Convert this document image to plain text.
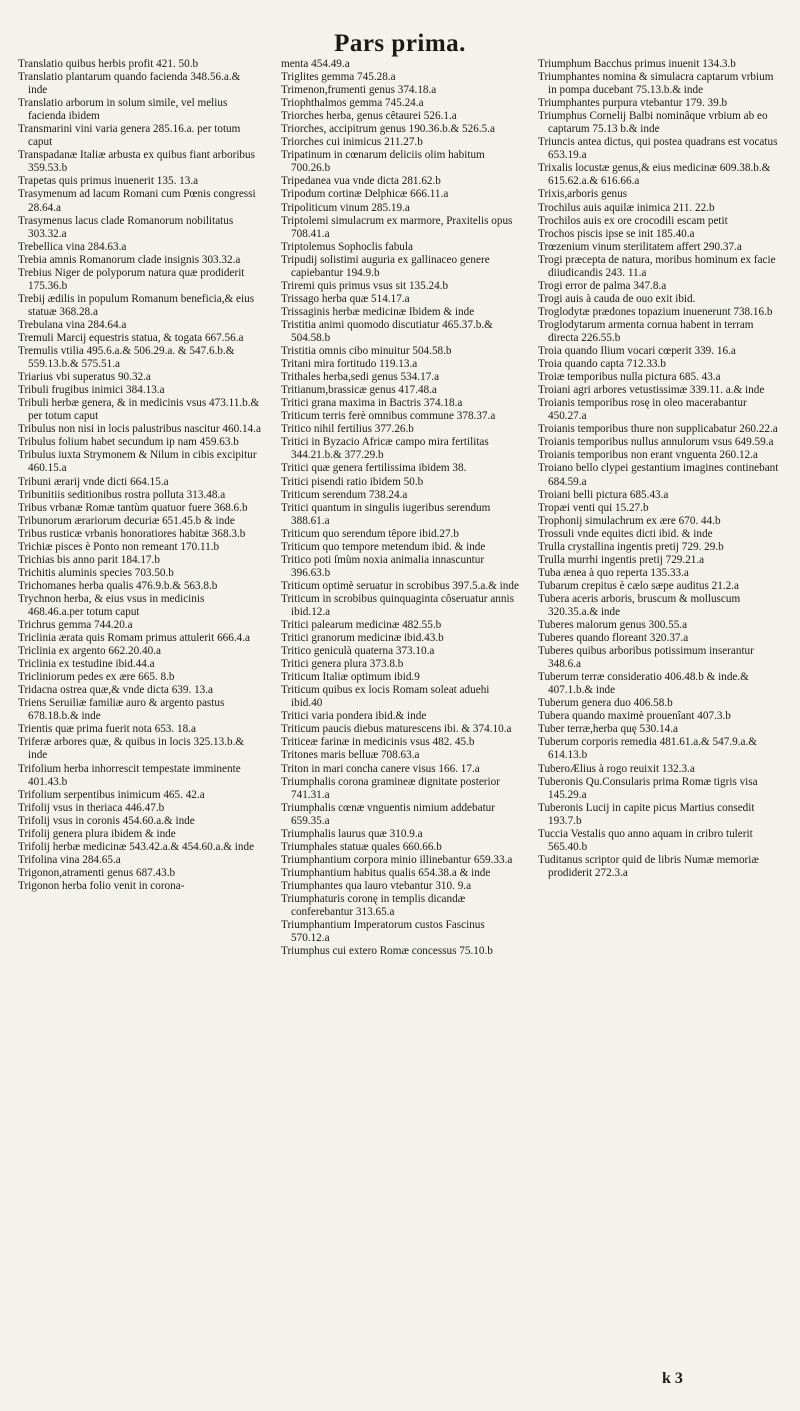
Pars prima.

Translatio quibus herbis profit 421. 50.b

Translatio plantarum quando facienda 348.56.a.& inde

Translatio arborum in solum simile, vel melius facienda ibidem

Transmarini vini varia genera 285.16.a. per totum caput

Transpadanæ Italiæ arbusta ex quibus fiant arboribus 359.53.b

Trapetas quis primus inuenerit 135. 13.a

Trasymenum ad lacum Romani cum Pœnis congressi 28.64.a

Trasymenus lacus clade Romanorum nobilitatus 303.32.a

Trebellica vina 284.63.a

Trebia amnis Romanorum clade insignis 303.32.a

Trebius Niger de polyporum natura quæ prodiderit 175.36.b

Trebij ædilis in populum Romanum beneficia,& eius statuæ 368.28.a

Trebulana vina 284.64.a

Tremuli Marcij equestris statua, & togata 667.56.a

Tremulis vtilia 495.6.a.& 506.29.a. & 547.6.b.& 559.13.b.& 575.51.a

Triarius vbi superatus 90.32.a

Tribuli frugibus inimici 384.13.a

Tribuli herbæ genera, & in medicinis vsus 473.11.b.& per totum caput

Tribulus non nisi in locis palustribus nascitur 460.14.a

Tribulus folium habet secundum ip nam 459.63.b

Tribulus iuxta Strymonem & Nilum in cibis excipitur 460.15.a

Tribuni ærarij vnde dicti 664.15.a

Tribunitiis seditionibus rostra polluta 313.48.a

Tribus vrbanæ Romæ tantùm quatuor fuere 368.6.b

Tribunorum ærariorum decuriæ 651.45.b & inde

Tribus rusticæ vrbanis honoratiores habitæ 368.3.b

Trichiæ pisces è Ponto non remeant 170.11.b

Trichias bis anno parit 184.17.b

Trichitis aluminis species 703.50.b

Trichomanes herba qualis 476.9.b.& 563.8.b

Trychnon herba, & eius vsus in medicinis 468.46.a.per totum caput

Trichrus gemma 744.20.a

Triclinia ærata quis Romam primus attulerit 666.4.a

Triclinia ex argento 662.20.40.a

Triclinia ex testudine ibid.44.a

Tricliniorum pedes ex ære 665. 8.b

Tridacna ostrea quæ,& vnde dicta 639. 13.a

Triens Seruiliæ familiæ auro & argento pastus 678.18.b.& inde

Trientis quæ prima fuerit nota 653. 18.a

Triferæ arbores quæ, & quibus in locis 325.13.b.& inde

Trifolium herba inhorrescit tempestate imminente 401.43.b

Trifolium serpentibus inimicum 465. 42.a

Trifolij vsus in theriaca 446.47.b

Trifolij vsus in coronis 454.60.a.& inde

Trifolij genera plura ibidem & inde

Trifolij herbæ medicinæ 543.42.a.& 454.60.a.& inde

Trifolina vina 284.65.a

Trigonon,atramenti genus 687.43.b

Trigonon herba folio venit in corona-

menta 454.49.a

Triglites gemma 745.28.a

Trimenon,frumenti genus 374.18.a

Triophthalmos gemma 745.24.a

Triorches herba, genus cêtaurei 526.1.a

Triorches, accipitrum genus 190.36.b.& 526.5.a

Triorches cui inimicus 211.27.b

Tripatinum in cœnarum deliciis olim habitum 700.26.b

Tripedanea vua vnde dicta 281.62.b

Tripodum cortinæ Delphicæ 666.11.a

Tripoliticum vinum 285.19.a

Triptolemi simulacrum ex marmore, Praxitelis opus 708.41.a

Triptolemus Sophoclis fabula

Tripudij solistimi auguria ex gallinaceo genere capiebantur 194.9.b

Triremi quis primus vsus sit 135.24.b

Trissago herba quæ 514.17.a

Trissaginis herbæ medicinæ Ibidem & inde

Tristitia animi quomodo discutiatur 465.37.b.& 504.58.b

Tristitia omnis cibo minuitur 504.58.b

Tritani mira fortitudo 119.13.a

Trithales herba,sedi genus 534.17.a

Tritianum,brassicæ genus 417.48.a

Tritici grana maxima in Bactris 374.18.a

Triticum terris ferè omnibus commune 378.37.a

Tritico nihil fertilius 377.26.b

Tritici in Byzacio Africæ campo mira fertilitas 344.21.b.& 377.29.b

Tritici quæ genera fertilissima ibidem 38.

Tritici pisendi ratio ibidem 50.b

Triticum serendum 738.24.a

Tritici quantum in singulis iugeribus serendum 388.61.a

Triticum quo serendum têpore ibid.27.b

Triticum quo tempore metendum ibid. & inde

Tritico poti ſmùm noxia animalia innascuntur 396.63.b

Triticum optimè seruatur in scrobibus 397.5.a.& inde

Triticum in scrobibus quinquaginta côseruatur annis ibid.12.a

Tritici palearum medicinæ 482.55.b

Tritici granorum medicinæ ibid.43.b

Tritico geniculà quaterna 373.10.a

Tritici genera plura 373.8.b

Triticum Italiæ optimum ibid.9

Triticum quibus ex locis Romam soleat aduehi ibid.40

Tritici varia pondera ibid.& inde

Triticum paucis diebus maturescens ibi. & 374.10.a

Triticeæ farinæ in medicinis vsus 482. 45.b

Tritones maris belluæ 708.63.a

Triton in mari concha canere visus 166. 17.a

Triumphalis corona gramineæ dignitate posterior 741.31.a

Triumphalis cœnæ vnguentis nimium addebatur 659.35.a

Triumphalis laurus quæ 310.9.a

Triumphales statuæ quales 660.66.b

Triumphantium corpora minio illinebantur 659.33.a

Triumphantium habitus qualis 654.38.a & inde

Triumphantes qua lauro vtebantur 310. 9.a

Triumphaturis coronę in templis dicandæ conferebantur 313.65.a

Triumphantium Imperatorum custos Fascinus 570.12.a

Triumphus cui extero Romæ concessus 75.10.b

Triumphum Bacchus primus inuenit 134.3.b

Triumphantes nomina & simulacra captarum vrbium in pompa ducebant 75.13.b.& inde

Triumphantes purpura vtebantur 179. 39.b

Triumphus Cornelij Balbi nominâque vrbium ab eo captarum 75.13 b.& inde

Triuncis antea dictus, qui postea quadrans est vocatus 653.19.a

Trixalis locustæ genus,& eius medicinæ 609.38.b.& 615.62.a.& 616.66.a

Trixis,arboris genus

Trochilus auis aquilæ inimica 211. 22.b

Trochilos auis ex ore crocodili escam petit

Trochos piscis ipse se init 185.40.a

Trœzenium vinum sterilitatem affert 290.37.a

Trogi præcepta de natura, moribus hominum ex facie diiudicandis 243. 11.a

Trogi error de palma 347.8.a

Trogi auis à cauda de ouo exit ibid.

Troglodytæ prædones topazium inuenerunt 738.16.b

Troglodytarum armenta cornua habent in terram directa 226.55.b

Troia quando Ilium vocari cœperit 339. 16.a

Troia quando capta 712.33.b

Troiæ temporibus nulla pictura 685. 43.a

Troiani agri arbores vetustissimæ 339.11. a.& inde

Troianis temporibus rosę in oleo macerabantur 450.27.a

Troianis temporibus thure non supplicabatur 260.22.a

Troianis temporibus nullus annulorum vsus 649.59.a

Troianis temporibus non erant vnguenta 260.12.a

Troiano bello clypei gestantium imagines continebant 684.59.a

Troiani belli pictura 685.43.a

Tropæi venti qui 15.27.b

Trophonij simulachrum ex ære 670. 44.b

Trossuli vnde equites dicti ibid. & inde

Trulla crystallina ingentis pretij 729. 29.b

Trulla murrhi ingentis pretij 729.21.a

Tuba ænea à quo reperta 135.33.a

Tubarum crepitus è cælo sæpe auditus 21.2.a

Tubera aceris arboris, bruscum & molluscum 320.35.a.& inde

Tuberes malorum genus 300.55.a

Tuberes quando floreant 320.37.a

Tuberes quibus arboribus potissimum inserantur 348.6.a

Tuberum terræ consideratio 406.48.b & inde.& 407.1.b.& inde

Tuberum genera duo 406.58.b

Tubera quando maximè prouenîant 407.3.b

Tuber terræ,herba quę 530.14.a

Tuberum corporis remedia 481.61.a.& 547.9.a.& 614.13.b

TuberoÆlius à rogo reuixit 132.3.a

Tuberonis Qu.Consularis prima Romæ tigris visa 145.29.a

Tuberonis Lucij in capite picus Martius consedit 193.7.b

Tuccia Vestalis quo anno aquam in cribro tulerit 565.40.b

Tuditanus scriptor quid de libris Numæ memoriæ prodiderit 272.3.a

k 3
